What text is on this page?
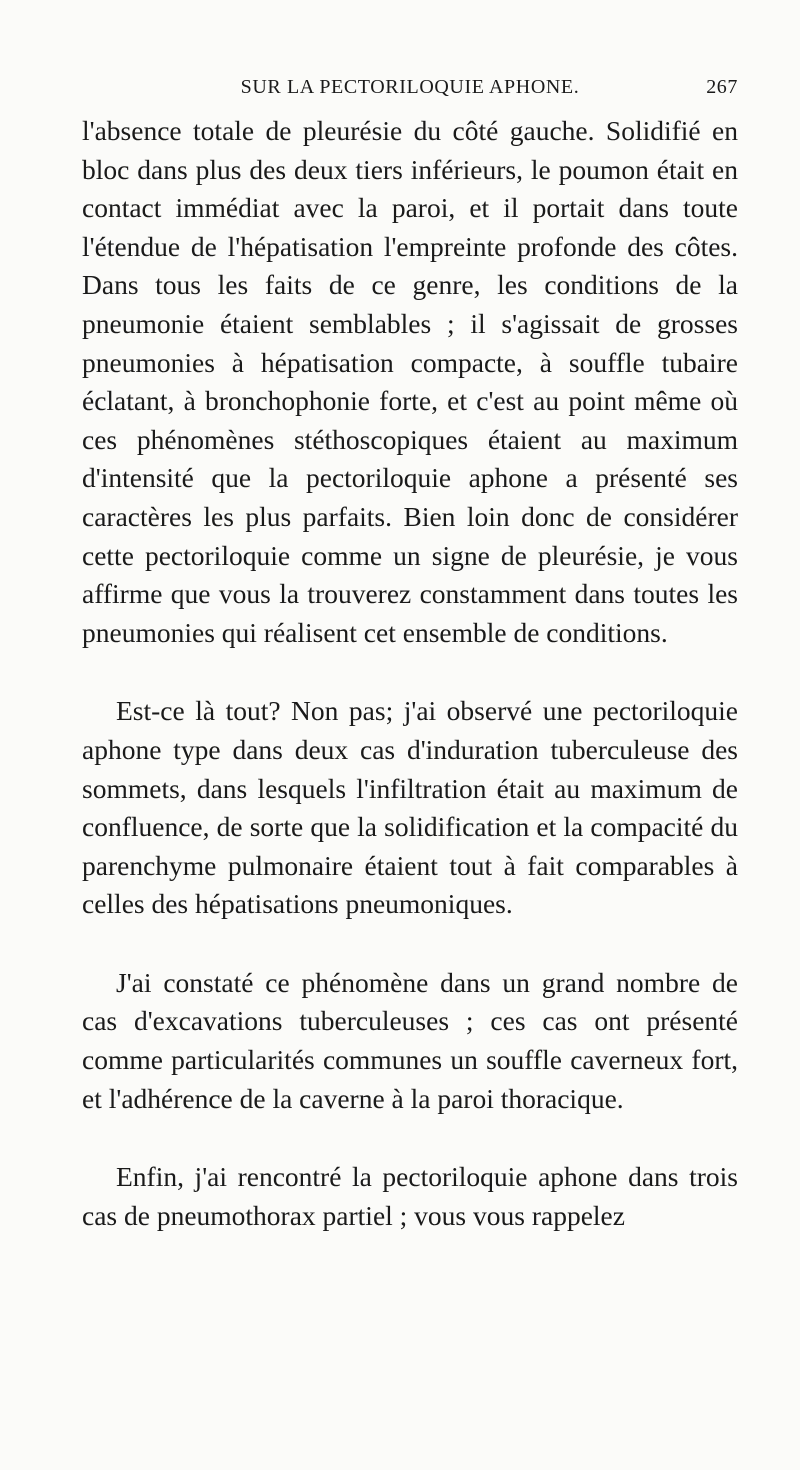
SUR LA PECTORILOQUIE APHONE.	267

l'absence totale de pleurésie du côté gauche. Solidifié en bloc dans plus des deux tiers inférieurs, le poumon était en contact immédiat avec la paroi, et il portait dans toute l'étendue de l'hépatisation l'empreinte profonde des côtes. Dans tous les faits de ce genre, les conditions de la pneumonie étaient semblables ; il s'agissait de grosses pneumonies à hépatisation compacte, à souffle tubaire éclatant, à bronchophonie forte, et c'est au point même où ces phénomènes stéthoscopiques étaient au maximum d'intensité que la pectoriloquie aphone a présenté ses caractères les plus parfaits. Bien loin donc de considérer cette pectoriloquie comme un signe de pleurésie, je vous affirme que vous la trouverez constamment dans toutes les pneumonies qui réalisent cet ensemble de conditions.

Est-ce là tout? Non pas; j'ai observé une pectoriloquie aphone type dans deux cas d'induration tuberculeuse des sommets, dans lesquels l'infiltration était au maximum de confluence, de sorte que la solidification et la compacité du parenchyme pulmonaire étaient tout à fait comparables à celles des hépatisations pneumoniques.

J'ai constaté ce phénomène dans un grand nombre de cas d'excavations tuberculeuses ; ces cas ont présenté comme particularités communes un souffle caverneux fort, et l'adhérence de la caverne à la paroi thoracique.

Enfin, j'ai rencontré la pectoriloquie aphone dans trois cas de pneumothorax partiel ; vous vous rappelez
